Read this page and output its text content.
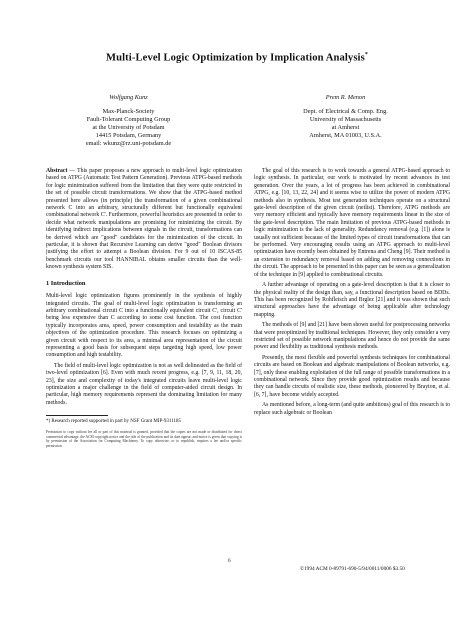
Multi-Level Logic Optimization by Implication Analysis*
Wolfgang Kunz
Max-Planck-Society
Fault-Tolerant Computing Group
at the University of Potsdam
14415 Potsdam, Germany
email: wkunz@rz.uni-potsdam.de
Prem R. Menon
Dept. of Electrical & Comp. Eng.
University of Massachusetts
at Amherst
Amherst, MA 01003, U.S.A.

Abstract — This paper proposes a new approach to multi-level logic optimization based on ATPG (Automatic Test Pattern Generation). Previous ATPG-based methods for logic minimization suffered from the limitation that they were quite restricted in the set of possible circuit transformations. We show that the ATPG-based method presented here allows (in principle) the transformation of a given combinational network C into an arbitrary, structurally different but functionally equivalent combinational network C'. Furthermore, powerful heuristics are presented in order to decide what network manipulations are promising for minimizing the circuit. By identifying indirect implications between signals in the circuit, transformations can be derived which are "good" candidates for the minimization of the circuit. In particular, it is shown that Recursive Learning can derive "good" Boolean divisors justifying the effort to attempt a Boolean division. For 9 out of 10 ISCAS-85 benchmark circuits our tool HANNIBAL obtains smaller circuits than the well-known synthesis system SIS.

1 Introduction

Multi-level logic optimization figures prominently in the synthesis of highly integrated circuits. The goal of multi-level logic optimization is transforming an arbitrary combinational circuit C into a functionally equivalent circuit C', circuit C' being less expensive than C according to some cost function. The cost function typically incorporates area, speed, power consumption and testability as the main objectives of the optimization procedure. This research focuses on optimizing a given circuit with respect to its area, a minimal area representation of the circuit representing a good basis for subsequent steps targeting high speed, low power consumption and high testability.

The field of multi-level logic optimization is not as well delineated as the field of two-level optimization [6]. Even with much recent progress, e.g. [7, 9, 11, 18, 20, 23], the size and complexity of today's integrated circuits leave multi-level logic optimization a major challenge in the field of computer-aided circuit design. In particular, high memory requirements represent the dominating limitation for many methods.

*) Research reported supported in part by NSF Grant MIP-9311185
Permission to copy without fee all or part of this material is granted, provided that the copies are not made or distributed for direct commercial advantage, the ACM copyright notice and the title of the publication and its date appear, and notice is given that copying is by permission of the Association for Computing Machinery. To copy otherwise, or to republish, requires a fee and/or specific permission.

The goal of this research is to work towards a general ATPG-based approach to logic synthesis. In particular, our work is motivated by recent advances in test generation. Over the years, a lot of progress has been achieved in combinational ATPG, e.g. [10, 13, 22, 24] and it seems wise to utilize the power of modern ATPG methods also in synthesis. Most test generation techniques operate on a structural gate-level description of the given circuit (netlist). Therefore, ATPG methods are very memory efficient and typically have memory requirements linear in the size of the gate-level description. The main limitation of previous ATPG-based methods in logic minimization is the lack of generality. Redundancy removal (e.g. [1]) alone is usually not sufficient because of the limited types of circuit transformations that can be performed. Very encouraging results using an ATPG approach to multi-level optimization have recently been obtained by Entrena and Cheng [9]. Their method is an extension to redundancy removal based on adding and removing connections in the circuit. The approach to be presented in this paper can be seen as a generalization of the technique in [9] applied to combinational circuits.

A further advantage of operating on a gate-level description is that it is closer to the physical reality of the design than, say, a functional description based on BDDs. This has been recognized by Rohfleisch and Brglez [21] and it was shown that such structural approaches have the advantage of being applicable after technology mapping.

The methods of [9] and [21] have been shown useful for postprocessing networks that were preoptimized by traditional techniques. However, they only consider a very restricted set of possible network manipulations and hence do not provide the same power and flexibility as traditional synthesis methods.

Presently, the most flexible and powerful synthesis techniques for combinational circuits are based on Boolean and algebraic manipulations of Boolean networks, e.g. [7], only these enabling exploitation of the full range of possible transformations in a combinational network. Since they provide good optimization results and because they can handle circuits of realistic size, these methods, pioneered by Brayton, et al. [6, 7], have become widely accepted.

As mentioned before, a long-term (and quite ambitious) goal of this research is to replace such algebraic or Boolean

6
©1994 ACM 0-89791-690-5/94/0011/0006 $3.50
